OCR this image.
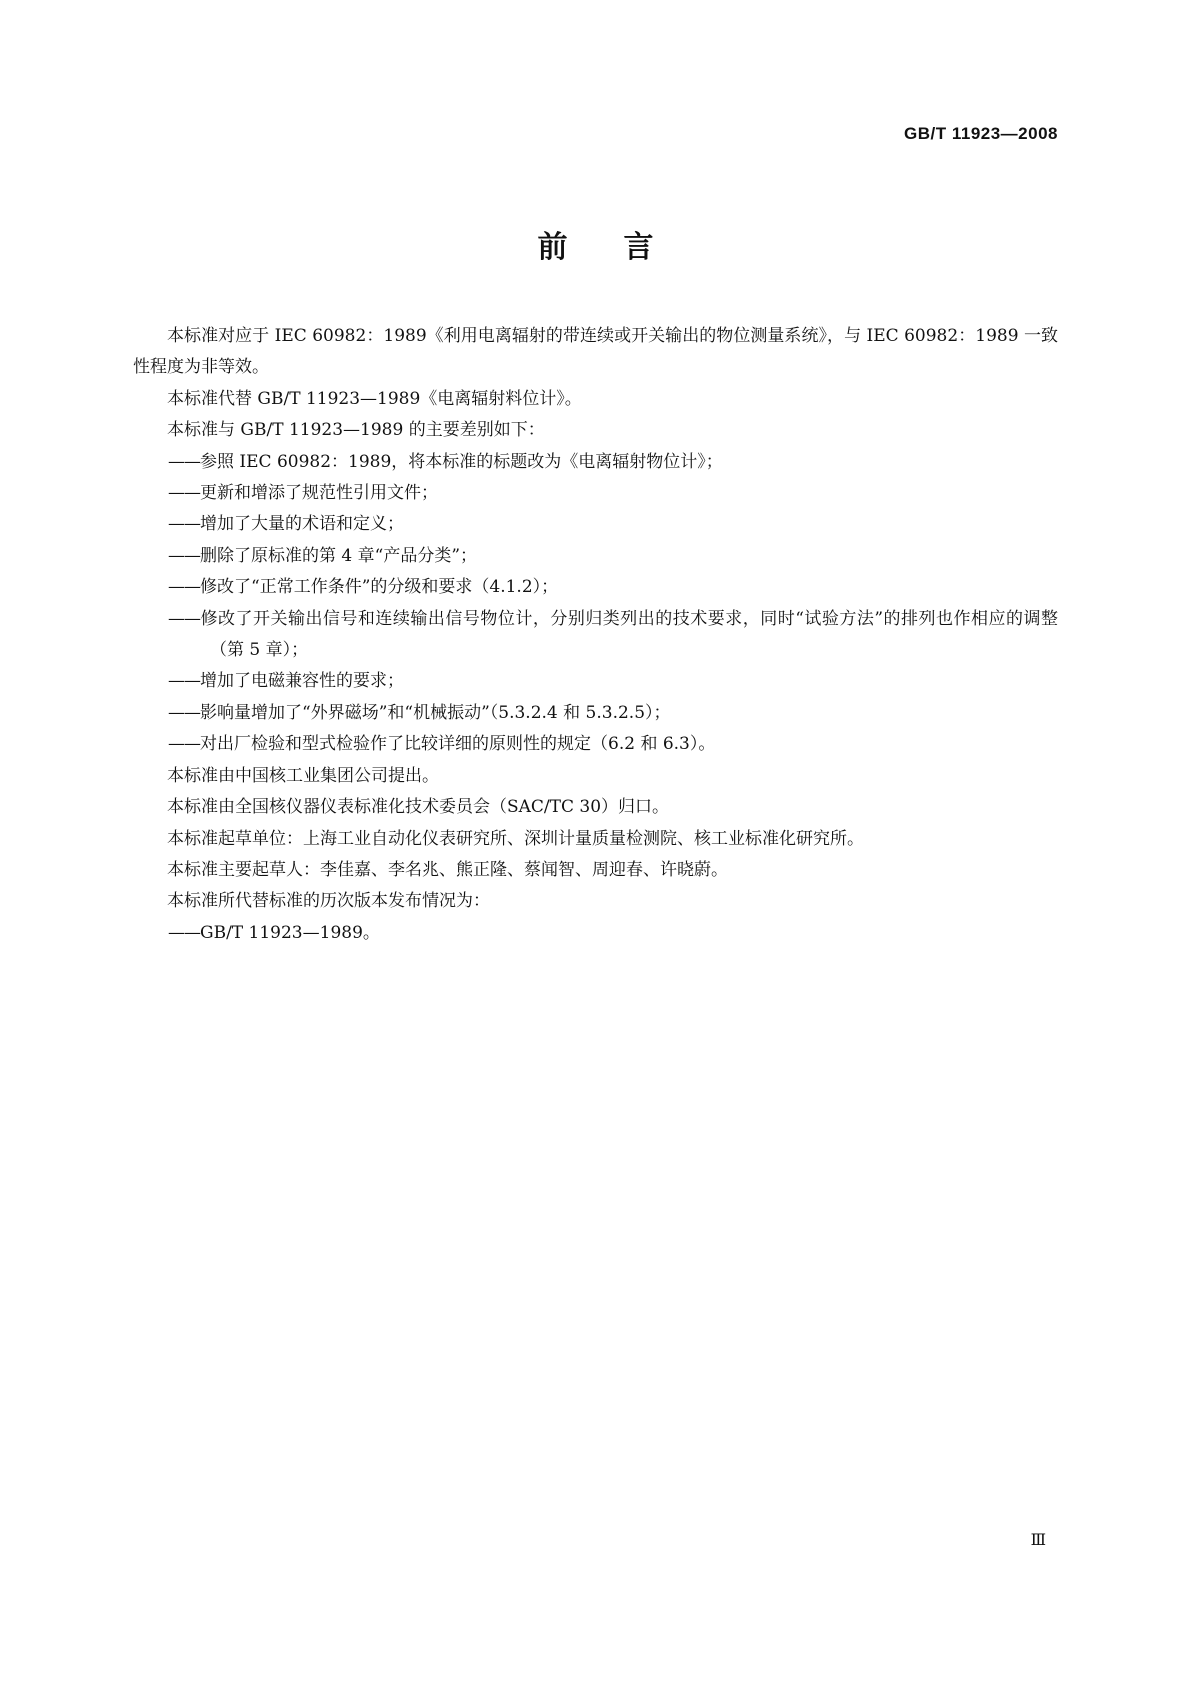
GB/T 11923—2008
前言

本标准对应于 IEC 60982：1989《利用电离辐射的带连续或开关输出的物位测量系统》，与 IEC 60982：1989 一致性程度为非等效。

本标准代替 GB/T 11923—1989《电离辐射料位计》。

本标准与 GB/T 11923—1989 的主要差别如下：

——参照 IEC 60982：1989，将本标准的标题改为《电离辐射物位计》；

——更新和增添了规范性引用文件；

——增加了大量的术语和定义；

——删除了原标准的第 4 章“产品分类”；

——修改了“正常工作条件”的分级和要求（4.1.2）；

——修改了开关输出信号和连续输出信号物位计，分别归类列出的技术要求，同时“试验方法”的排列也作相应的调整（第 5 章）；

——增加了电磁兼容性的要求；

——影响量增加了“外界磁场”和“机械振动”（5.3.2.4 和 5.3.2.5）；

——对出厂检验和型式检验作了比较详细的原则性的规定（6.2 和 6.3）。

本标准由中国核工业集团公司提出。

本标准由全国核仪器仪表标准化技术委员会（SAC/TC 30）归口。

本标准起草单位：上海工业自动化仪表研究所、深圳计量质量检测院、核工业标准化研究所。

本标准主要起草人：李佳嘉、李名兆、熊正隆、蔡闻智、周迎春、许晓蔚。

本标准所代替标准的历次版本发布情况为：

——GB/T 11923—1989。

Ⅲ
